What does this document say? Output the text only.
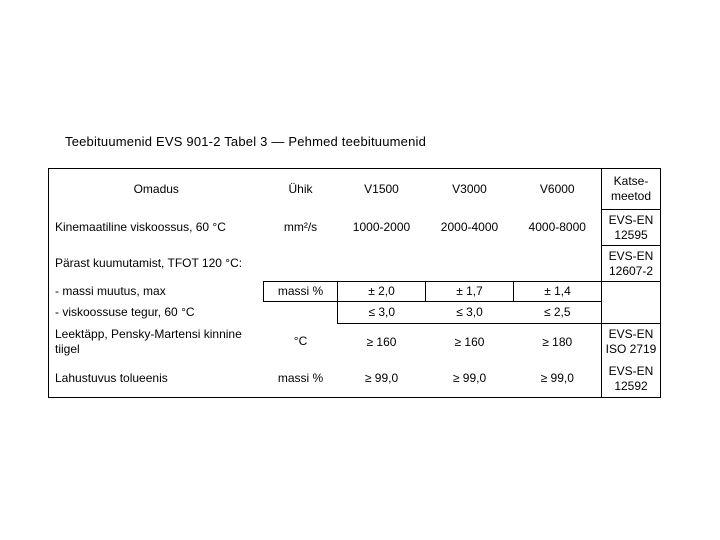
Teebituumenid EVS 901-2 Tabel 3 — Pehmed teebituumenid
Omadus	Ühik	V1500	V3000	V6000	Katse-meetod
Kinemaatiline viskoossus, 60 °C	mm²/s	1000-2000	2000-4000	4000-8000	EVS-EN 12595
Pärast kuumutamist, TFOT 120 °C:					EVS-EN 12607-2
- massi muutus, max	massi %	± 2,0	± 1,7	± 1,4	
- viskoossuse tegur, 60 °C		≤ 3,0	≤ 3,0	≤ 2,5	
Leektäpp, Pensky-Martensi kinnine tiigel	°C	≥ 160	≥ 160	≥ 180	EVS-EN ISO 2719
Lahustuvus tolueenis	massi %	≥ 99,0	≥ 99,0	≥ 99,0	EVS-EN 12592
